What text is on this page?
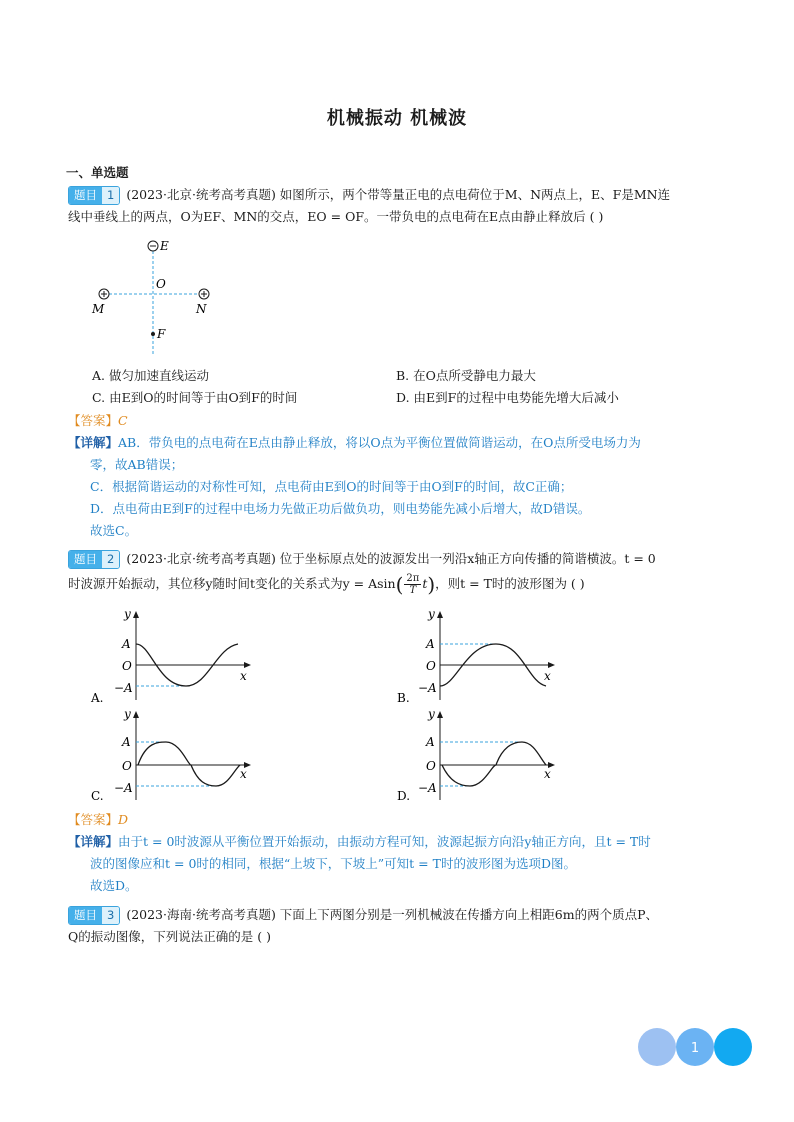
机械振动 机械波
一、单选题
题目 1 (2023·北京·统考高考真题) 如图所示，两个带等量正电的点电荷位于M、N两点上，E、F是MN连
线中垂线上的两点，O为EF、MN的交点，EO = OF。一带负电的点电荷在E点由静止释放后 ( )
E
O
F
M	N
A. 做匀加速直线运动	B. 在O点所受静电力最大
C. 由E到O的时间等于由O到F的时间	D. 由E到F的过程中电势能先增大后减小
【答案】C
【详解】AB．带负电的点电荷在E点由静止释放，将以O点为平衡位置做简谐运动，在O点所受电场力为
零，故AB错误；
C．根据简谐运动的对称性可知，点电荷由E到O的时间等于由O到F的时间，故C正确；
D．点电荷由E到F的过程中电场力先做正功后做负功，则电势能先减小后增大，故D错误。
故选C。
题目 2 (2023·北京·统考高考真题) 位于坐标原点处的波源发出一列沿x轴正方向传播的简谐横波。t = 0
时波源开始振动，其位移y随时间t变化的关系式为$y = Asin( \frac{2\pi}{T} t)$，则t = T时的波形图为 ( )
y
A
O
−A
x
A.
y
A
O
−A
x
B.
y
A
O
−A
x
C.
y
A
O
−A
x
D.
【答案】D
【详解】由于t = 0时波源从平衡位置开始振动，由振动方程可知，波源起振方向沿y轴正方向，且t = T时
波的图像应和t = 0时的相同，根据“上坡下，下坡上”可知t = T时的波形图为选项D图。
故选D。
题目 3 (2023·海南·统考高考真题) 下面上下两图分别是一列机械波在传播方向上相距6m的两个质点P、
Q的振动图像，下列说法正确的是 ( )
1
